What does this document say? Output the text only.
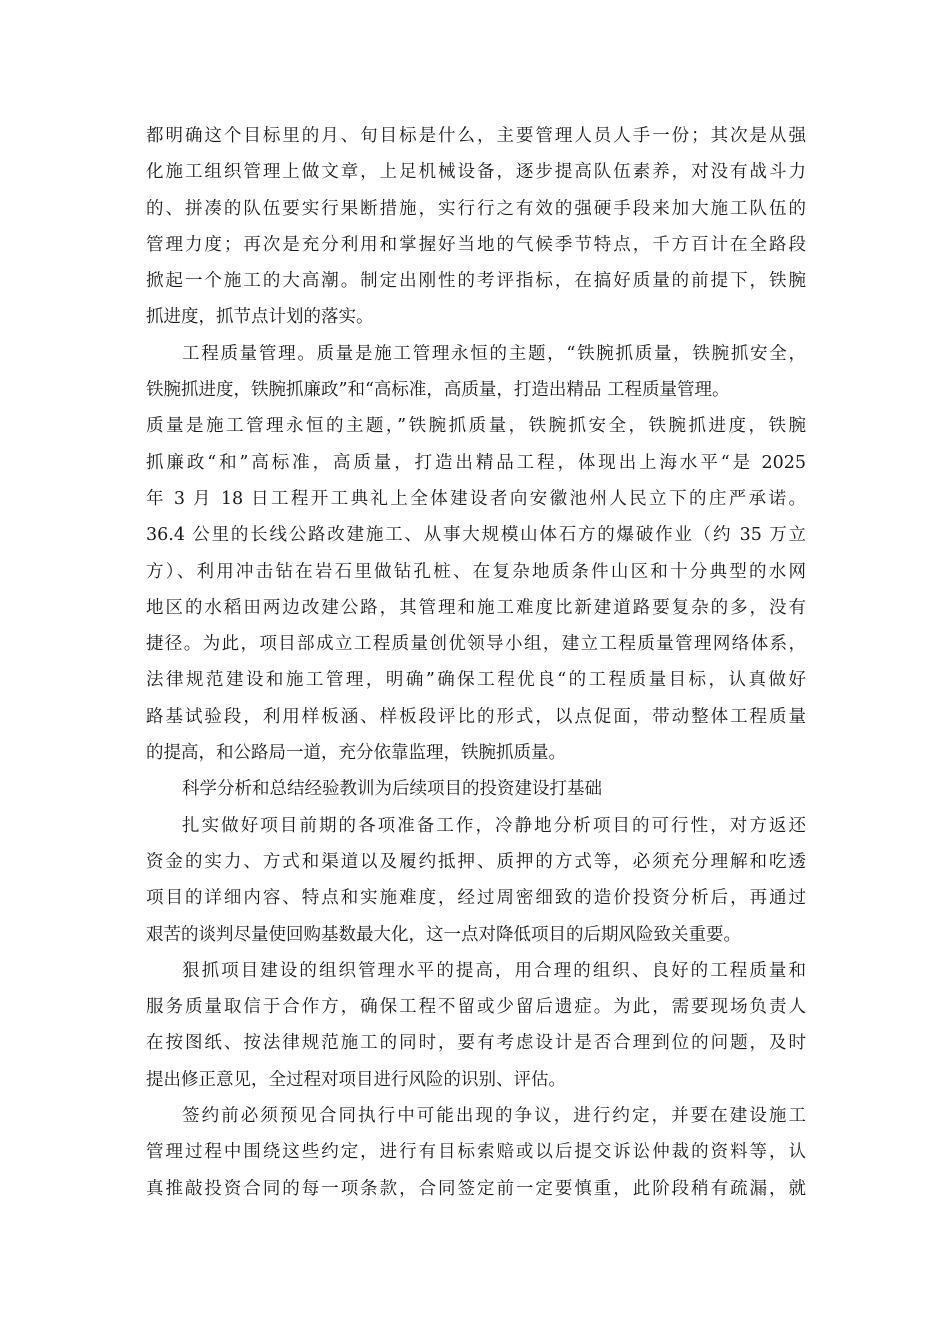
都明确这个目标里的月、旬目标是什么，主要管理人员人手一份；其次是从强
化施工组织管理上做文章，上足机械设备，逐步提高队伍素养，对没有战斗力
的、拼凑的队伍要实行果断措施，实行行之有效的强硬手段来加大施工队伍的
管理力度；再次是充分利用和掌握好当地的气候季节特点，千方百计在全路段
掀起一个施工的大高潮。制定出刚性的考评指标，在搞好质量的前提下，铁腕
抓进度，抓节点计划的落实。
工程质量管理。质量是施工管理永恒的主题，“铁腕抓质量，铁腕抓安全，
铁腕抓进度，铁腕抓廉政”和“高标准，高质量，打造出精品 工程质量管理。
质量是施工管理永恒的主题，”铁腕抓质量，铁腕抓安全，铁腕抓进度，铁腕
抓廉政“和”高标准，高质量，打造出精品工程，体现出上海水平“是 2025
年 3 月 18 日工程开工典礼上全体建设者向安徽池州人民立下的庄严承诺。
36.4 公里的长线公路改建施工、从事大规模山体石方的爆破作业（约 35 万立
方）、利用冲击钻在岩石里做钻孔桩、在复杂地质条件山区和十分典型的水网
地区的水稻田两边改建公路，其管理和施工难度比新建道路要复杂的多，没有
捷径。为此，项目部成立工程质量创优领导小组，建立工程质量管理网络体系，
法律规范建设和施工管理，明确”确保工程优良“的工程质量目标，认真做好
路基试验段，利用样板涵、样板段评比的形式，以点促面，带动整体工程质量
的提高，和公路局一道，充分依靠监理，铁腕抓质量。
科学分析和总结经验教训为后续项目的投资建设打基础
扎实做好项目前期的各项准备工作，冷静地分析项目的可行性，对方返还
资金的实力、方式和渠道以及履约抵押、质押的方式等，必须充分理解和吃透
项目的详细内容、特点和实施难度，经过周密细致的造价投资分析后，再通过
艰苦的谈判尽量使回购基数最大化，这一点对降低项目的后期风险致关重要。
狠抓项目建设的组织管理水平的提高，用合理的组织、良好的工程质量和
服务质量取信于合作方，确保工程不留或少留后遗症。为此，需要现场负责人
在按图纸、按法律规范施工的同时，要有考虑设计是否合理到位的问题，及时
提出修正意见，全过程对项目进行风险的识别、评估。
签约前必须预见合同执行中可能出现的争议，进行约定，并要在建设施工
管理过程中围绕这些约定，进行有目标索赔或以后提交诉讼仲裁的资料等，认
真推敲投资合同的每一项条款，合同签定前一定要慎重，此阶段稍有疏漏，就
